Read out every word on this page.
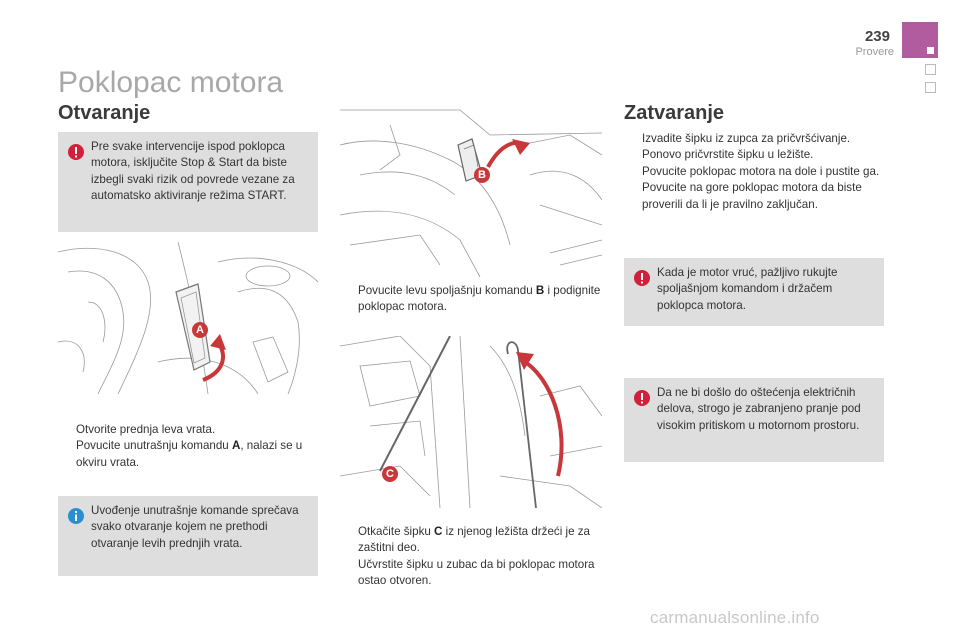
239
Provere
Poklopac motora
Otvaranje
Pre svake intervencije ispod poklopca motora, isključite Stop & Start da biste izbegli svaki rizik od povrede vezane za automatsko aktiviranje režima START.
A
Otvorite prednja leva vrata.
Povucite unutrašnju komandu A, nalazi se u okviru vrata.
Uvođenje unutrašnje komande sprečava svako otvaranje kojem ne prethodi otvaranje levih prednjih vrata.
B
Povucite levu spoljašnju komandu B i podignite poklopac motora.
C
Otkačite šipku C iz njenog ležišta držeći je za zaštitni deo.
Učvrstite šipku u zubac da bi poklopac motora ostao otvoren.
Zatvaranje
Izvadite šipku iz zupca za pričvršćivanje.
Ponovo pričvrstite šipku u ležište.
Povucite poklopac motora na dole i pustite ga.
Povucite na gore poklopac motora da biste proverili da li je pravilno zaključan.
Kada je motor vruć, pažljivo rukujte spoljašnjom komandom i držačem poklopca motora.
Da ne bi došlo do oštećenja električnih delova, strogo je zabranjeno pranje pod visokim pritiskom u motornom prostoru.
carmanualsonline.info
